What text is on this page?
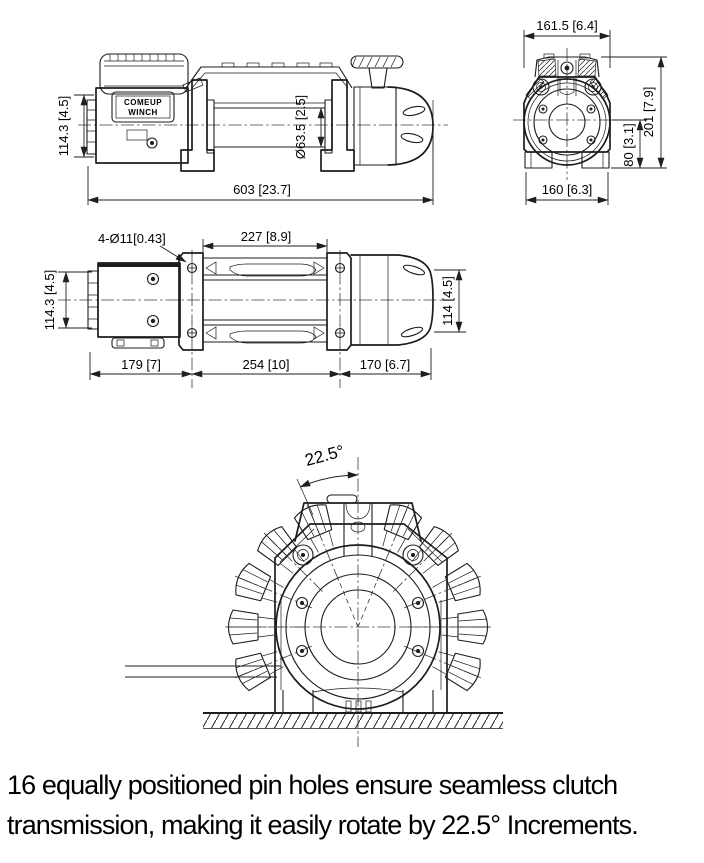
COMEUP
WINCH
114.3 [4.5]	Ø63.5 [2.5]
603 [23.7]
161.5 [6.4]
201 [7.9]
80 [3.1]
160 [6.3]
4-Ø11[0.43]	227 [8.9]
114.3 [4.5]	114 [4.5]
179 [7]	254 [10]	170 [6.7]
22.5°
16 equally positioned pin holes ensure seamless clutch
transmission, making it easily rotate by 22.5° Increments.
